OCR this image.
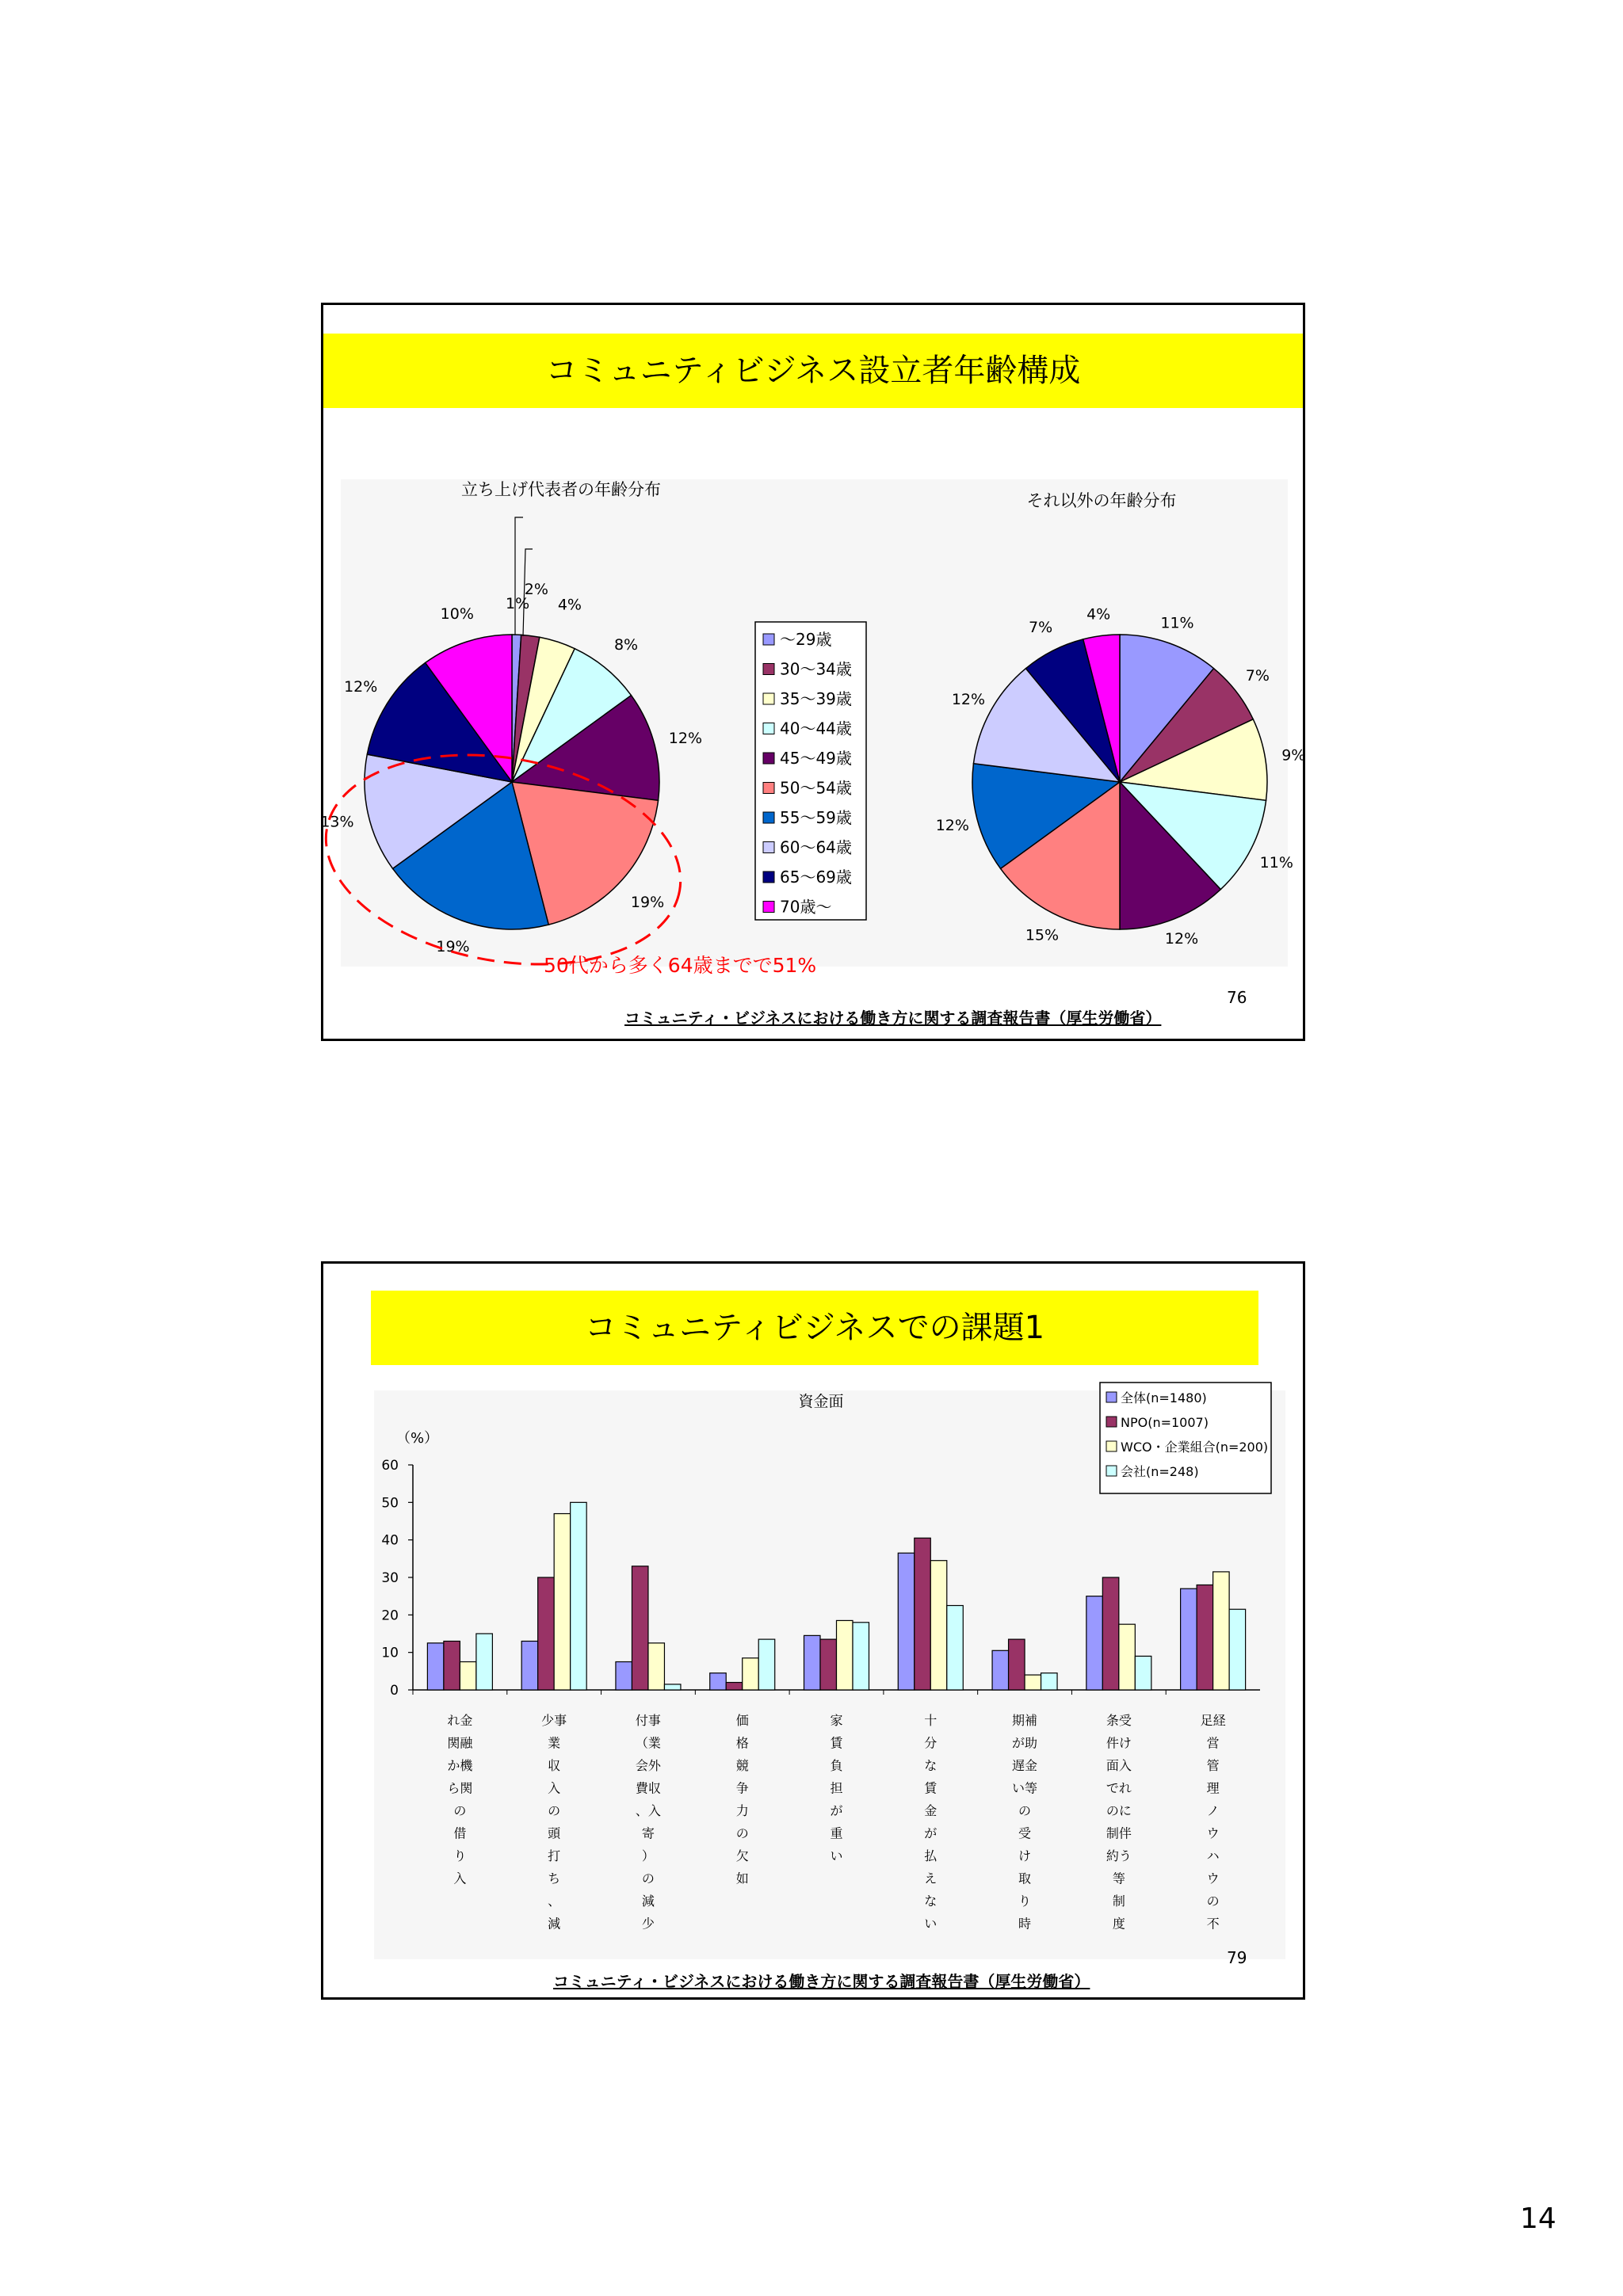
コミュニティビジネス設立者年齢構成
立ち上げ代表者の年齢分布
1%
2%
4%
8%
12%
19%
19%
13%
12%
10%
それ以外の年齢分布
11%
7%
9%
11%
12%
15%
12%
12%
7%
4%
～29歳
30～34歳
35～39歳
40～44歳
45～49歳
50～54歳
55～59歳
60～64歳
65～69歳
70歳～
50代から多く64歳までで51%
76
コミュニティ・ビジネスにおける働き方に関する調査報告書（厚生労働省）
コミュニティビジネスでの課題1
資金面
（%）
0
10
20
30
40
50
60
れ金
関融
か機
ら関
の
借
り
入
少事
業
収
入
の
頭
打
ち
、
減
付事
（業
会外
費収
、入
寄
）
の
減
少
価
格
競
争
力
の
欠
如
家
賃
負
担
が
重
い
十
分
な
賃
金
が
払
え
な
い
期補
が助
遅金
い等
の
受
け
取
り
時
条受
件け
面入
でれ
のに
制伴
約う
等
制
度
足経
営
管
理
ノ
ウ
ハ
ウ
の
不
全体(n=1480)
NPO(n=1007)
WCO・企業組合(n=200)
会社(n=248)
79
コミュニティ・ビジネスにおける働き方に関する調査報告書（厚生労働省）
14
